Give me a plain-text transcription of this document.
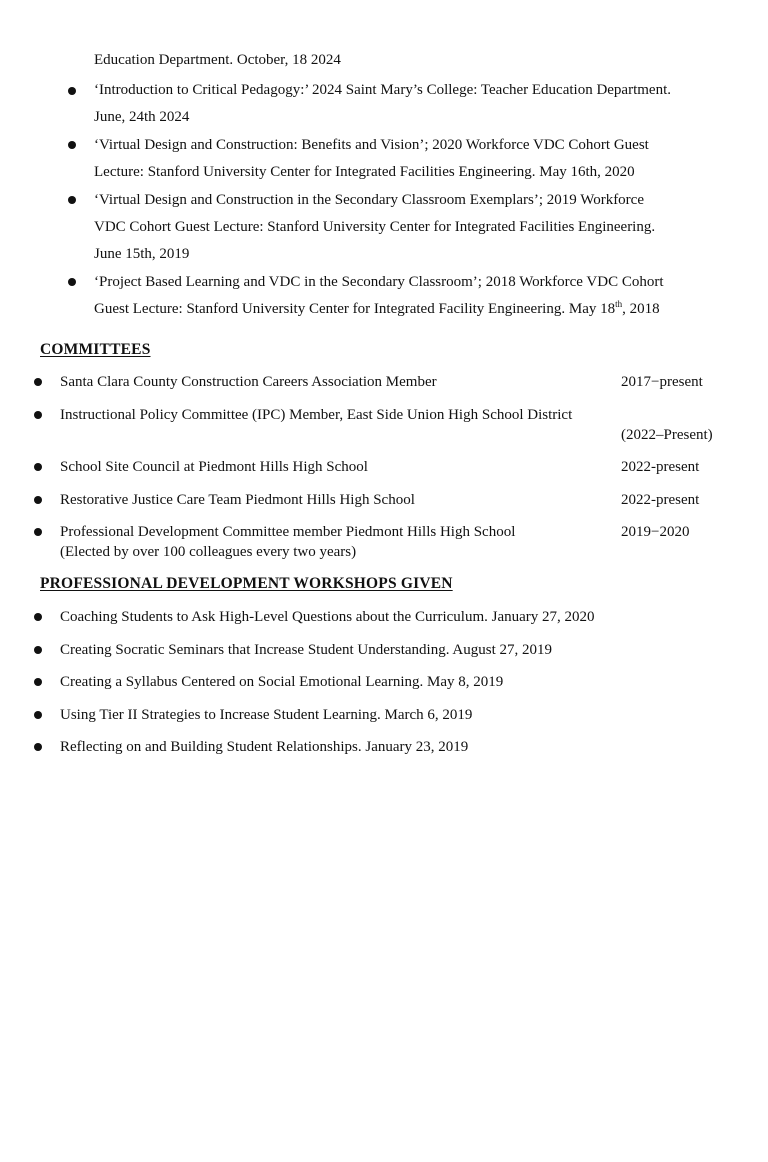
Education Department. October, 18 2024
‘Introduction to Critical Pedagogy:’ 2024 Saint Mary’s College: Teacher Education Department.
June, 24th 2024
‘Virtual Design and Construction: Benefits and Vision’; 2020 Workforce VDC Cohort Guest
Lecture: Stanford University Center for Integrated Facilities Engineering. May 16th, 2020
‘Virtual Design and Construction in the Secondary Classroom Exemplars’; 2019 Workforce
VDC Cohort Guest Lecture: Stanford University Center for Integrated Facilities Engineering.
June 15th, 2019
‘Project Based Learning and VDC in the Secondary Classroom’; 2018 Workforce VDC Cohort
Guest Lecture: Stanford University Center for Integrated Facility Engineering. May 18th, 2018
COMMITTEES
Santa Clara County Construction Careers Association Member	2017−present
Instructional Policy Committee (IPC) Member, East Side Union High School District
(2022–Present)
School Site Council at Piedmont Hills High School	2022-present
Restorative Justice Care Team Piedmont Hills High School	2022-present
Professional Development Committee member Piedmont Hills High School	2019−2020
(Elected by over 100 colleagues every two years)
PROFESSIONAL DEVELOPMENT WORKSHOPS GIVEN
Coaching Students to Ask High-Level Questions about the Curriculum. January 27, 2020
Creating Socratic Seminars that Increase Student Understanding. August 27, 2019
Creating a Syllabus Centered on Social Emotional Learning. May 8, 2019
Using Tier II Strategies to Increase Student Learning. March 6, 2019
Reflecting on and Building Student Relationships. January 23, 2019
